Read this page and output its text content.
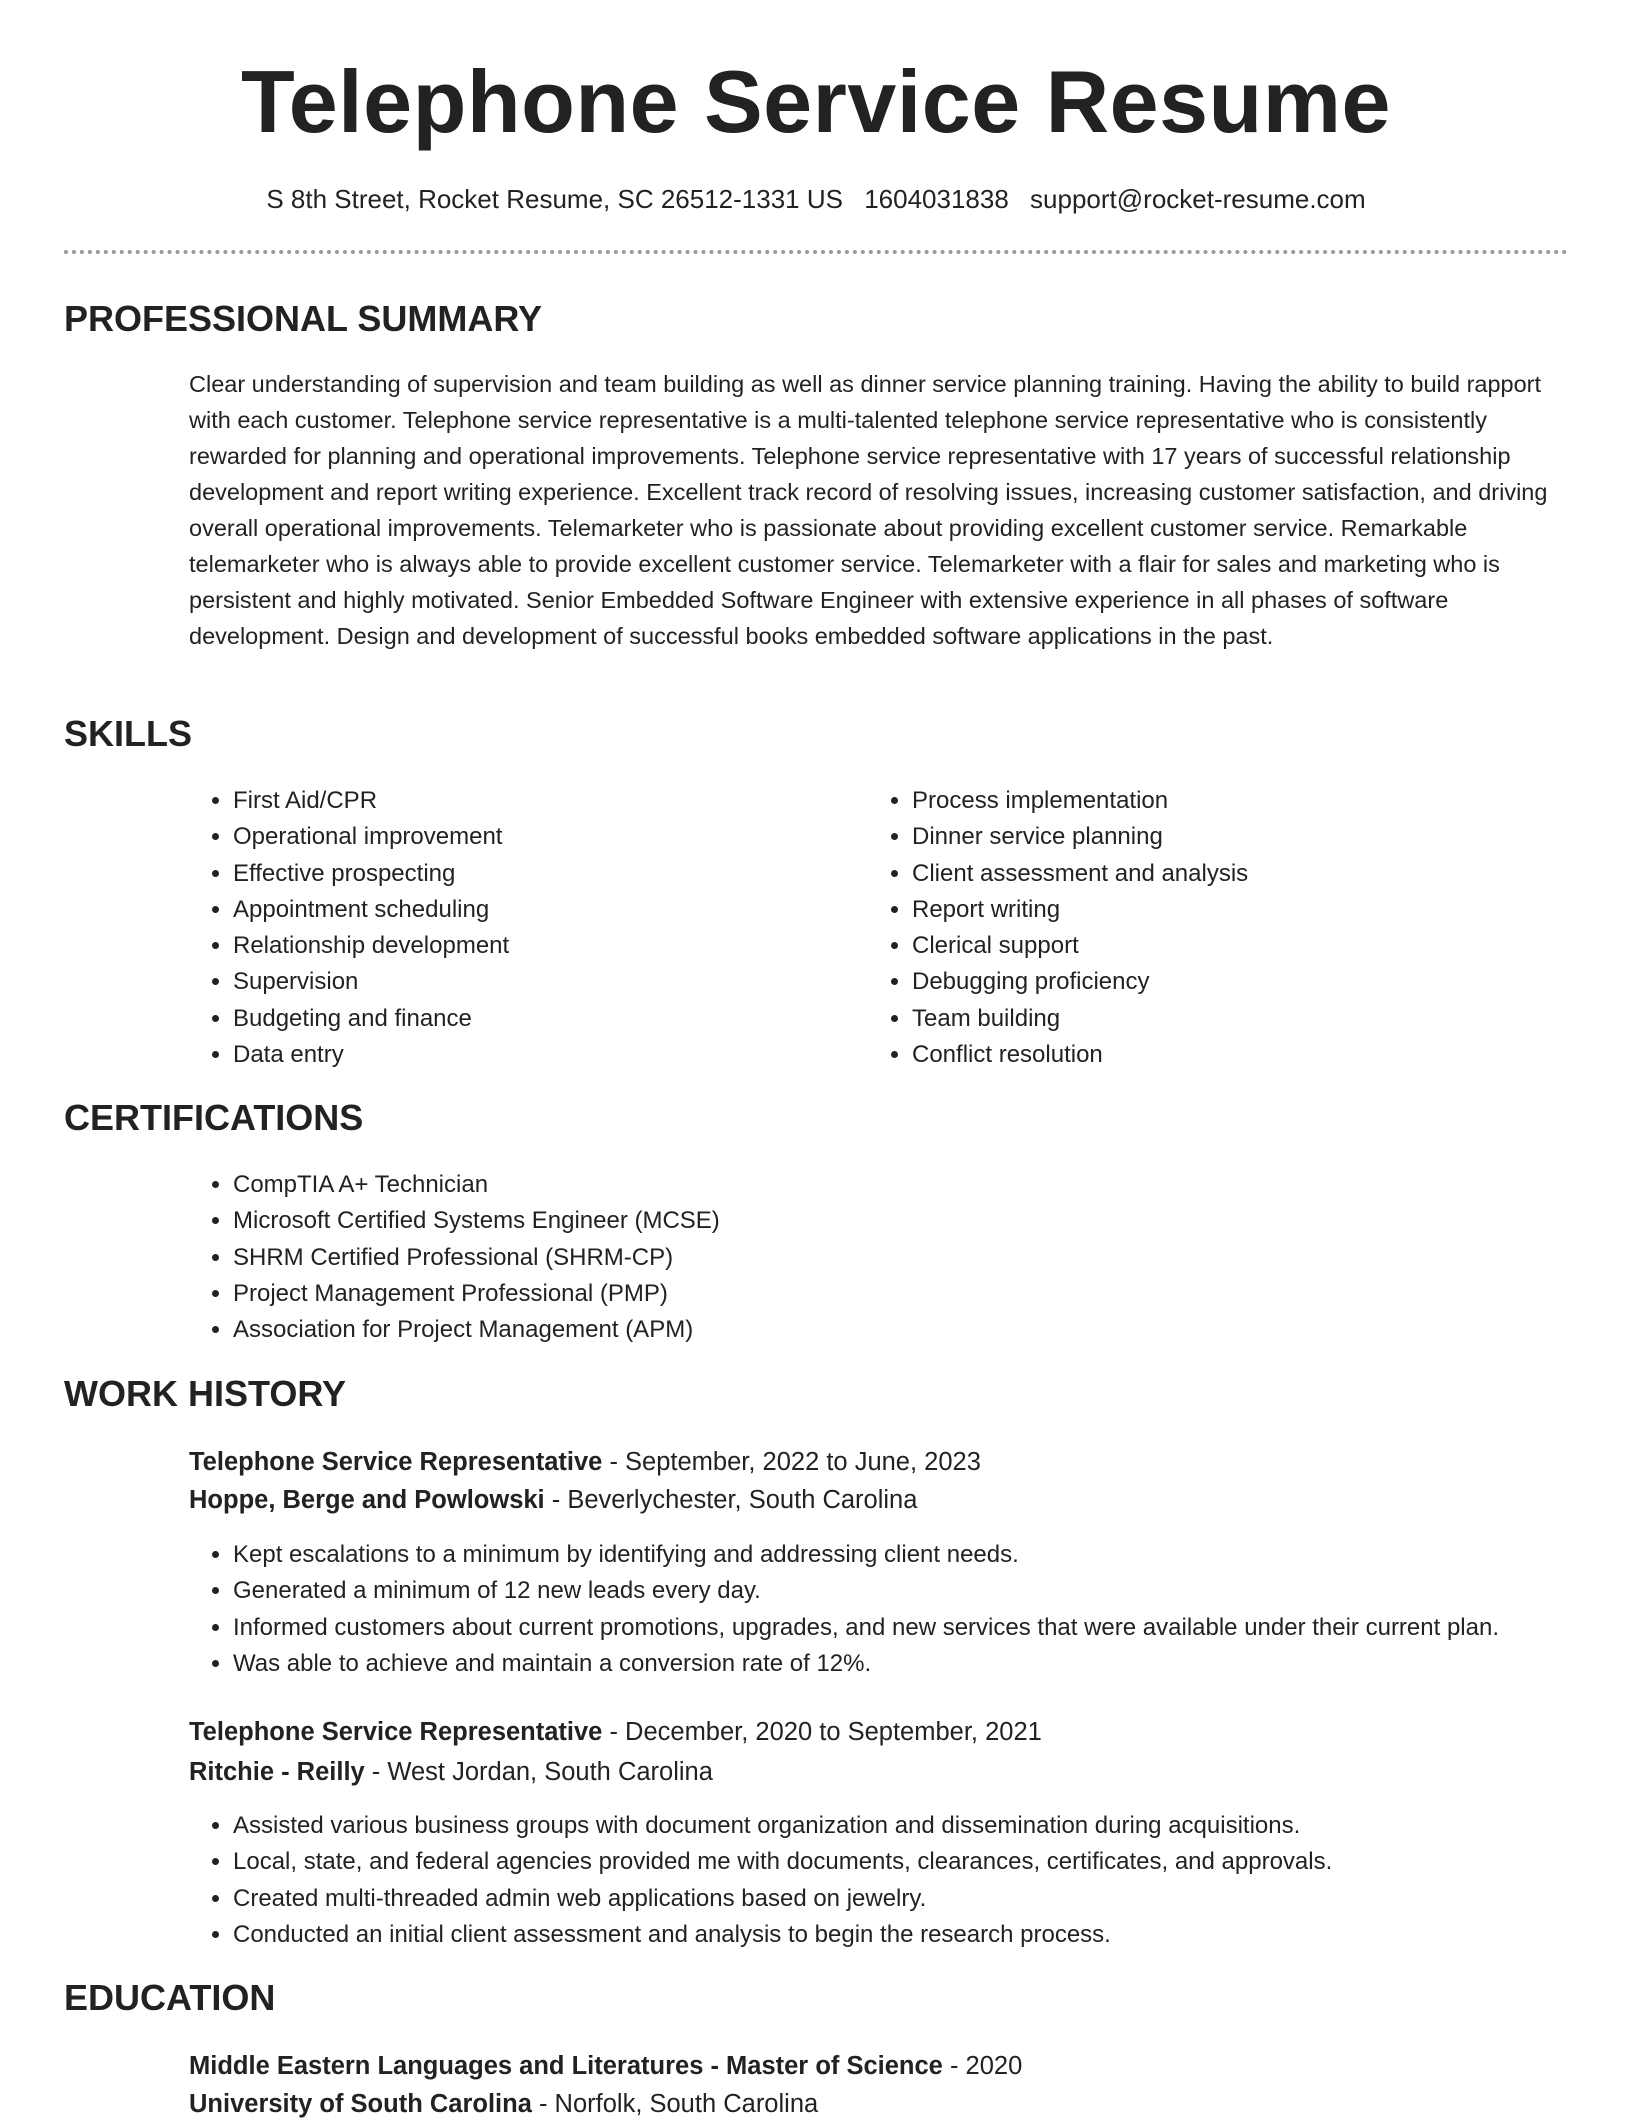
Telephone Service Resume
S 8th Street, Rocket Resume, SC 26512-1331 US 1604031838 support@rocket-resume.com
PROFESSIONAL SUMMARY

Clear understanding of supervision and team building as well as dinner service planning training. Having the ability to build rapport with each customer. Telephone service representative is a multi-talented telephone service representative who is consistently rewarded for planning and operational improvements. Telephone service representative with 17 years of successful relationship development and report writing experience. Excellent track record of resolving issues, increasing customer satisfaction, and driving overall operational improvements. Telemarketer who is passionate about providing excellent customer service. Remarkable telemarketer who is always able to provide excellent customer service. Telemarketer with a flair for sales and marketing who is persistent and highly motivated. Senior Embedded Software Engineer with extensive experience in all phases of software development. Design and development of successful books embedded software applications in the past.

SKILLS
• First Aid/CPR
• Operational improvement
• Effective prospecting
• Appointment scheduling
• Relationship development
• Supervision
• Budgeting and finance
• Data entry
• Process implementation
• Dinner service planning
• Client assessment and analysis
• Report writing
• Clerical support
• Debugging proficiency
• Team building
• Conflict resolution
CERTIFICATIONS
• CompTIA A+ Technician
• Microsoft Certified Systems Engineer (MCSE)
• SHRM Certified Professional (SHRM-CP)
• Project Management Professional (PMP)
• Association for Project Management (APM)
WORK HISTORY
Telephone Service Representative - September, 2022 to June, 2023
Hoppe, Berge and Powlowski - Beverlychester, South Carolina
• Kept escalations to a minimum by identifying and addressing client needs.
• Generated a minimum of 12 new leads every day.
• Informed customers about current promotions, upgrades, and new services that were available under their current plan.
• Was able to achieve and maintain a conversion rate of 12%.
Telephone Service Representative - December, 2020 to September, 2021
Ritchie - Reilly - West Jordan, South Carolina
• Assisted various business groups with document organization and dissemination during acquisitions.
• Local, state, and federal agencies provided me with documents, clearances, certificates, and approvals.
• Created multi-threaded admin web applications based on jewelry.
• Conducted an initial client assessment and analysis to begin the research process.
EDUCATION
Middle Eastern Languages and Literatures - Master of Science - 2020
University of South Carolina - Norfolk, South Carolina
